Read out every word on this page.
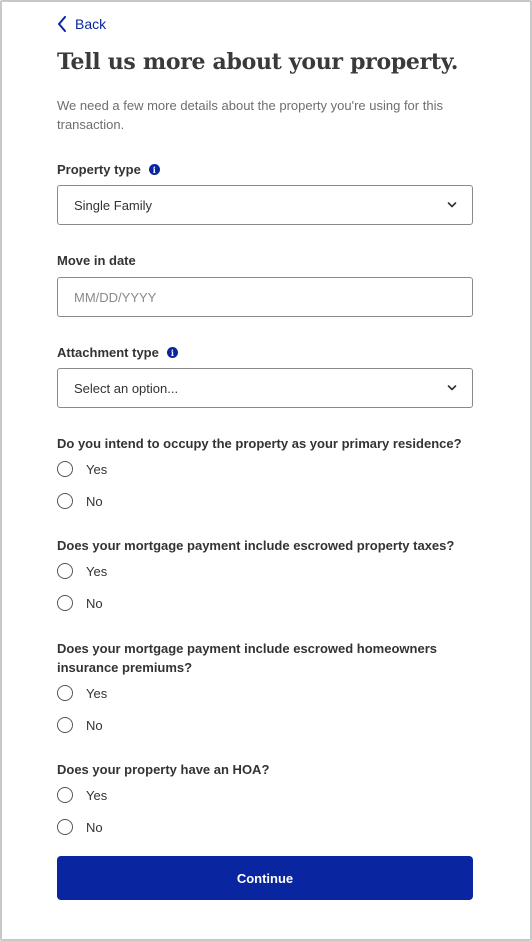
Back
Tell us more about your property.
We need a few more details about the property you're using for this transaction.
Property type	i
Single Family
Move in date
MM/DD/YYYY
Attachment type	i
Select an option...
Do you intend to occupy the property as your primary residence?
Yes
No
Does your mortgage payment include escrowed property taxes?
Yes
No
Does your mortgage payment include escrowed homeowners insurance premiums?
Yes
No
Does your property have an HOA?
Yes
No
Continue
